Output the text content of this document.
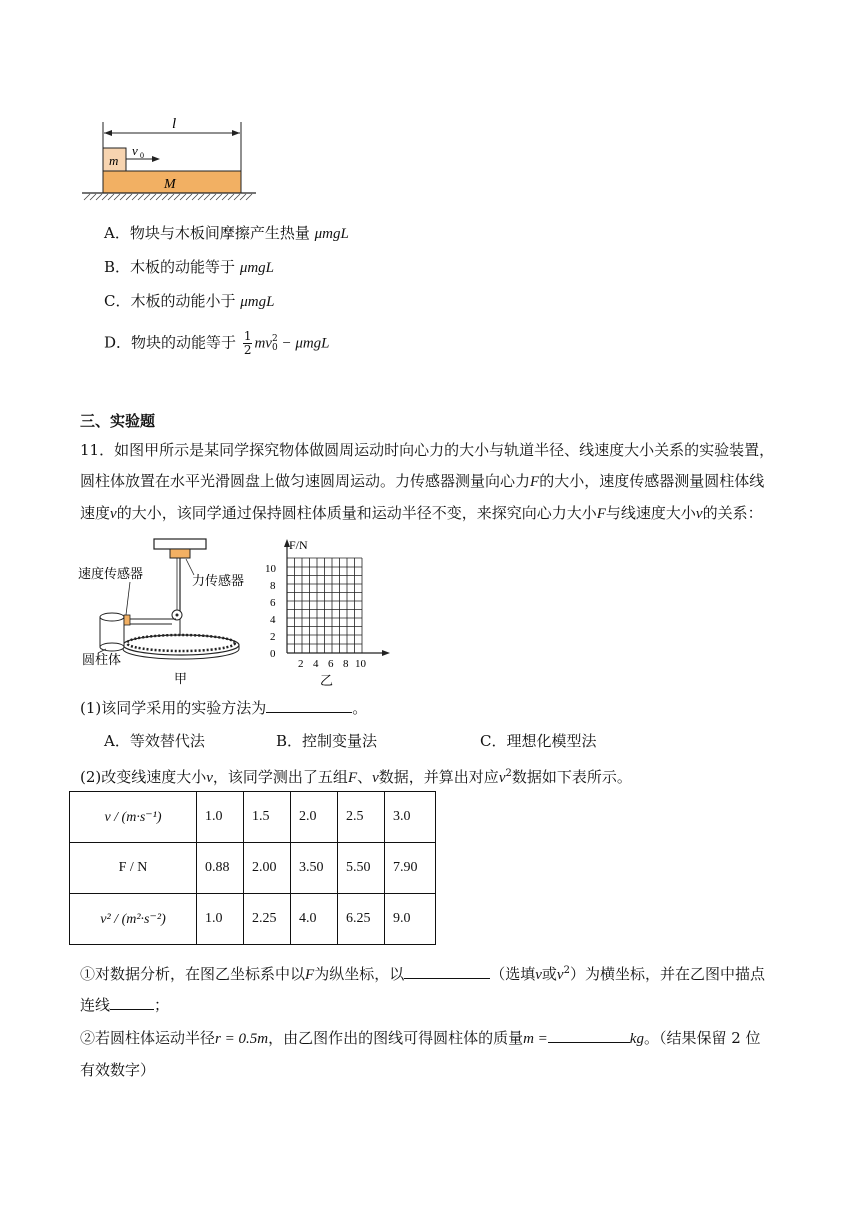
l
m
v 0
M
A．物块与木板间摩擦产生热量 μmgL
B．木板的动能等于 μmgL
C．木板的动能小于 μmgL
D．物块的动能等于 $\frac{1}{2}$ mv 2
0 − μmgL
三、实验题
11．如图甲所示是某同学探究物体做圆周运动时向心力的大小与轨道半径、线速度大小关系的实验装置，
圆柱体放置在水平光滑圆盘上做匀速圆周运动。力传感器测量向心力F的大小，速度传感器测量圆柱体线
速度v的大小，该同学通过保持圆柱体质量和运动半径不变，来探究向心力大小F与线速度大小v的关系：
速度传感器	力传感器
圆柱体
甲
F/N
10
8
6
4
2
0
2 4 6 8 10
乙
(1)该同学采用的实验方法为	。
A．等效替代法	B．控制变量法	C．理想化模型法
(2)改变线速度大小v，该同学测出了五组F、v数据，并算出对应$v^2$数据如下表所示。
v / (m·s⁻¹)	1.0	1.5	2.0	2.5	3.0
F / N	0.88	2.00	3.50	5.50	7.90
v² / (m²·s⁻²)	1.0	2.25	4.0	6.25	9.0
①对数据分析，在图乙坐标系中以F为纵坐标，以	（选填v或$v^2$）为横坐标，并在乙图中描点
连线	；
②若圆柱体运动半径r = 0.5m，由乙图作出的图线可得圆柱体的质量m =	kg。（结果保留 2 位
有效数字）
